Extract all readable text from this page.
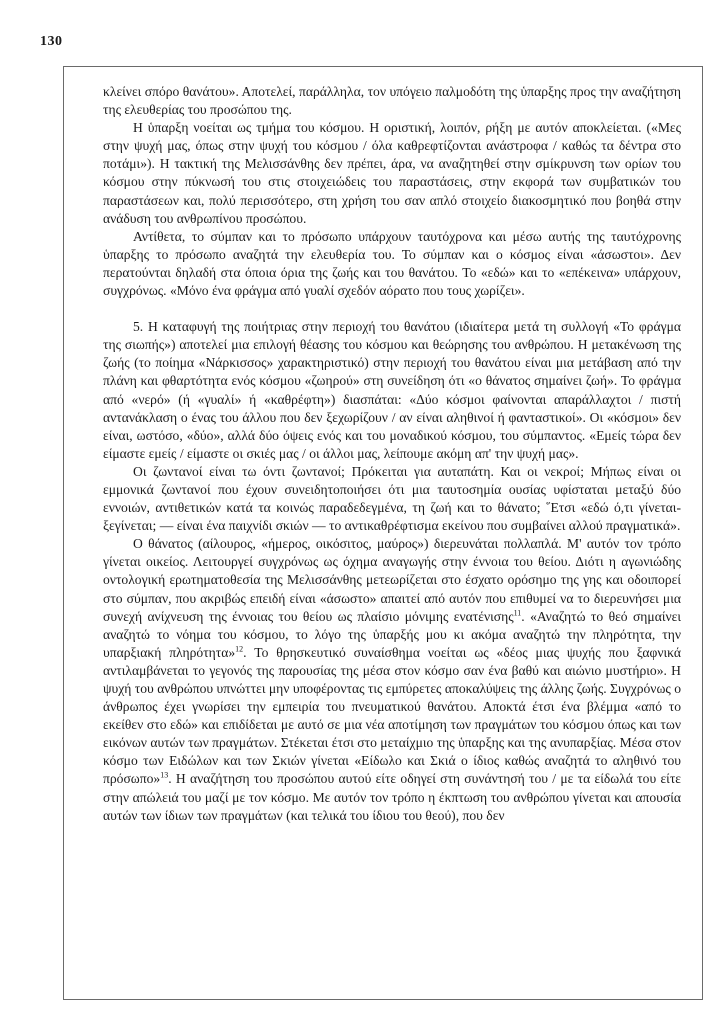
130

κλείνει σπόρο θανάτου». Αποτελεί, παράλληλα, τον υπόγειο παλμοδότη της ὑπαρξης προς την αναζήτηση της ελευθερίας του προσώπου της.

Η ὑπαρξη νοείται ως τμήμα του κόσμου. Η οριστική, λοιπόν, ρήξη με αυτόν αποκλείεται. («Μες στην ψυχή μας, όπως στην ψυχή του κόσμου / όλα καθρεφτίζονται ανάστροφα / καθώς τα δέντρα στο ποτάμι»). Η τακτική της Μελισσάνθης δεν πρέπει, άρα, να αναζητηθεί στην σμίκρυνση των ορίων του κόσμου στην πύκνωσή του στις στοιχειώδεις του παραστάσεις, στην εκφορά των συμβατικών του παραστάσεων και, πολύ περισσότερο, στη χρήση του σαν απλό στοιχείο διακοσμητικό που βοηθά στην ανάδυση του ανθρωπίνου προσώπου.

Αντίθετα, το σύμπαν και το πρόσωπο υπάρχουν ταυτόχρονα και μέσω αυτής της ταυτόχρονης ὑπαρξης το πρόσωπο αναζητά την ελευθερία του. Το σύμπαν και ο κόσμος είναι «άσωστοι». Δεν περατούνται δηλαδή στα όποια όρια της ζωής και του θανάτου. Το «εδώ» και το «επέκεινα» υπάρχουν, συγχρόνως. «Μόνο ένα φράγμα από γυαλί σχεδόν αόρατο που τους χωρίζει».

5. Η καταφυγή της ποιήτριας στην περιοχή του θανάτου (ιδιαίτερα μετά τη συλλογή «Το φράγμα της σιωπής») αποτελεί μια επιλογή θέασης του κόσμου και θεώρησης του ανθρώπου. Η μετακένωση της ζωής (το ποίημα «Νάρκισσος» χαρακτηριστικό) στην περιοχή του θανάτου είναι μια μετάβαση από την πλάνη και φθαρτότητα ενός κόσμου «ζωηρού» στη συνείδηση ότι «ο θάνατος σημαίνει ζωή». Το φράγμα από «νερό» (ή «γυαλί» ή «καθρέφτη») διασπάται: «Δύο κόσμοι φαίνονται απαράλλαχτοι / πιστή αντανάκλαση ο ένας του άλλου που δεν ξεχωρίζουν / αν είναι αληθινοί ή φανταστικοί». Οι «κόσμοι» δεν είναι, ωστόσο, «δύο», αλλά δύο όψεις ενός και του μοναδικού κόσμου, του σύμπαντος. «Εμείς τώρα δεν είμαστε εμείς / είμαστε οι σκιές μας / οι άλλοι μας, λείπουμε ακόμη απ' την ψυχή μας».

Οι ζωντανοί είναι τω όντι ζωντανοί; Πρόκειται για αυταπάτη. Και οι νεκροί; Μήπως είναι οι εμμονικά ζωντανοί που έχουν συνειδητοποιήσει ότι μια ταυτοσημία ουσίας υφίσταται μεταξύ δύο εννοιών, αντιθετικών κατά τα κοινώς παραδεδεγμένα, τη ζωή και το θάνατο; ῞Ετσι «εδώ ό,τι γίνεται-ξεγίνεται; — είναι ένα παιχνίδι σκιών — το αντικαθρέφτισμα εκείνου που συμβαίνει αλλού πραγματικά».

Ο θάνατος (αίλουρος, «ήμερος, οικόσιτος, μαύρος») διερευνάται πολλαπλά. Μ' αυτόν τον τρόπο γίνεται οικείος. Λειτουργεί συγχρόνως ως όχημα αναγωγής στην έννοια του θείου. Διότι η αγωνιώδης οντολογική ερωτηματοθεσία της Μελισσάνθης μετεωρίζεται στο έσχατο ορόσημο της γης και οδοιπορεί στο σύμπαν, που ακριβώς επειδή είναι «άσωστο» απαιτεί από αυτόν που επιθυμεί να το διερευνήσει μια συνεχή ανίχνευση της έννοιας του θείου ως πλαίσιο μόνιμης ενατένισης$^{11}$. «Αναζητώ το θεό σημαίνει αναζητώ το νόημα του κόσμου, το λόγο της ὑπαρξής μου κι ακόμα αναζητώ την πληρότητα, την υπαρξιακή πληρότητα»$^{12}$. Το θρησκευτικό συναίσθημα νοείται ως «δέος μιας ψυχής που ξαφνικά αντιλαμβάνεται το γεγονός της παρουσίας της μέσα στον κόσμο σαν ένα βαθύ και αιώνιο μυστήριο». Η ψυχή του ανθρώπου υπνώττει μην υποφέροντας τις εμπύρετες αποκαλύψεις της άλλης ζωής. Συγχρόνως ο άνθρωπος έχει γνωρίσει την εμπειρία του πνευματικού θανάτου. Αποκτά έτσι ένα βλέμμα «από το εκείθεν στο εδώ» και επιδίδεται με αυτό σε μια νέα αποτίμηση των πραγμάτων του κόσμου όπως και των εικόνων αυτών των πραγμάτων. Στέκεται έτσι στο μεταίχμιο της ὑπαρξης και της ανυπαρξίας. Μέσα στον κόσμο των Ειδώλων και των Σκιών γίνεται «Είδωλο και Σκιά ο ίδιος καθώς αναζητά το αληθινό του πρόσωπο»$^{13}$. Η αναζήτηση του προσώπου αυτού είτε οδηγεί στη συνάντησή του / με τα είδωλά του είτε στην απώλειά του μαζί με τον κόσμο. Με αυτόν τον τρόπο η έκπτωση του ανθρώπου γίνεται και απουσία αυτών των ίδιων των πραγμάτων (και τελικά του ίδιου του θεού), που δεν
